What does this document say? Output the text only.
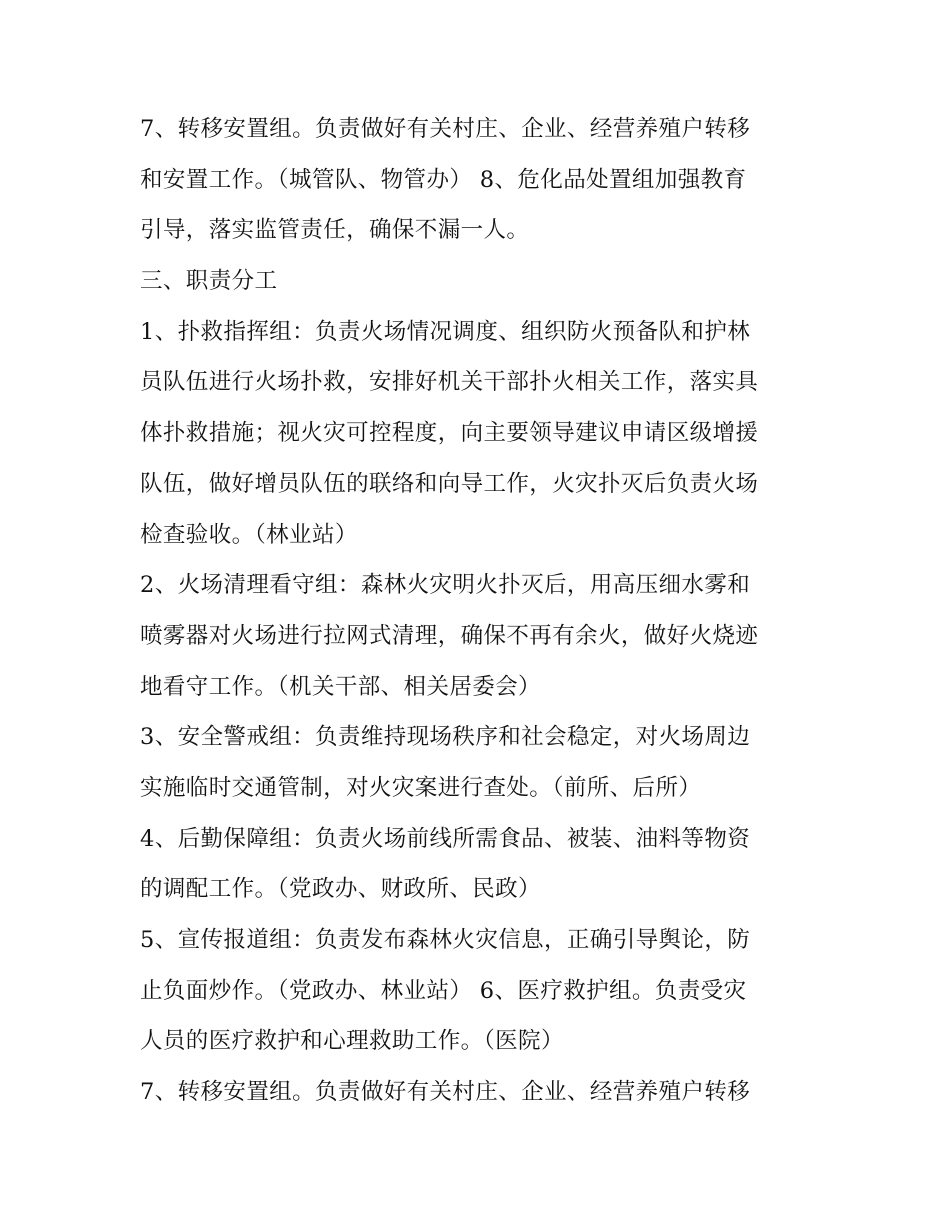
7、转移安置组。负责做好有关村庄、企业、经营养殖户转移
和安置工作。（城管队、物管办） 8、危化品处置组加强教育
引导，落实监管责任，确保不漏一人。
三、职责分工
1、扑救指挥组：负责火场情况调度、组织防火预备队和护林
员队伍进行火场扑救，安排好机关干部扑火相关工作，落实具
体扑救措施；视火灾可控程度，向主要领导建议申请区级增援
队伍，做好增员队伍的联络和向导工作，火灾扑灭后负责火场
检查验收。（林业站）
2、火场清理看守组：森林火灾明火扑灭后，用高压细水雾和
喷雾器对火场进行拉网式清理，确保不再有余火，做好火烧迹
地看守工作。（机关干部、相关居委会）
3、安全警戒组：负责维持现场秩序和社会稳定，对火场周边
实施临时交通管制，对火灾案进行查处。（前所、后所）
4、后勤保障组：负责火场前线所需食品、被装、油料等物资
的调配工作。（党政办、财政所、民政）
5、宣传报道组：负责发布森林火灾信息，正确引导舆论，防
止负面炒作。（党政办、林业站） 6、医疗救护组。负责受灾
人员的医疗救护和心理救助工作。（医院）
7、转移安置组。负责做好有关村庄、企业、经营养殖户转移
